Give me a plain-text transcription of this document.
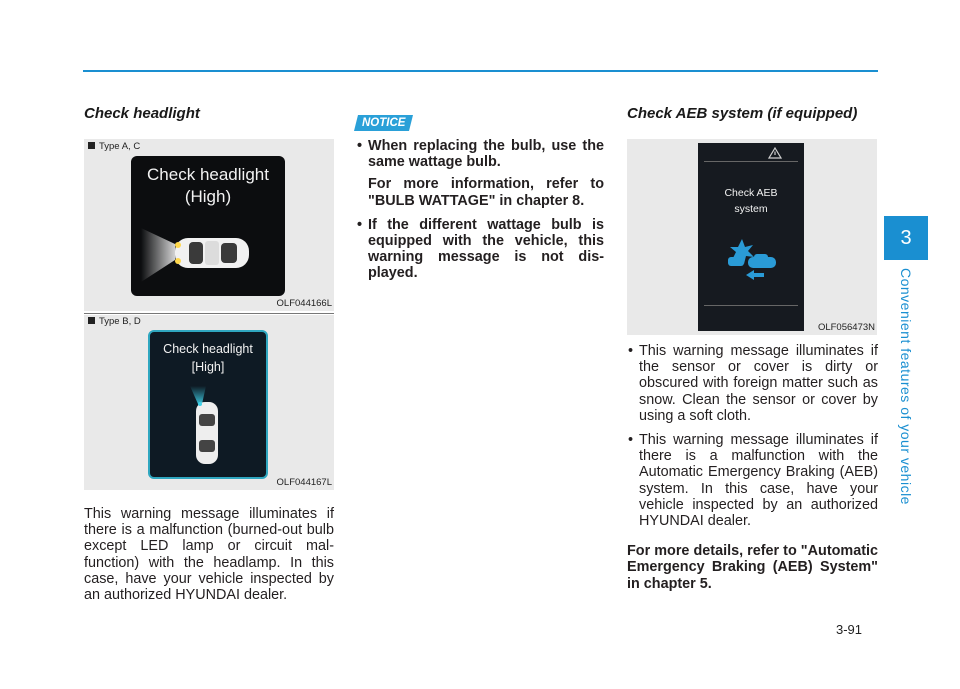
Check headlight
Type A, C
Check headlight
(High)
OLF044166L
Type B, D
Check headlight
[High]
OLF044167L

This warning message illuminates if there is a malfunction (burned-out bulb except LED lamp or circuit mal-function) with the headlamp. In this case, have your vehicle inspected by an authorized HYUNDAI dealer.

NOTICE
• When replacing the bulb, use the same wattage bulb.
For more information, refer to "BULB WATTAGE" in chapter 8.
• If the different wattage bulb is equipped with the vehicle, this warning message is not dis-played.
Check AEB system (if equipped)
Check AEB
system
OLF056473N
• This warning message illuminates if the sensor or cover is dirty or obscured with foreign matter such as snow. Clean the sensor or cover by using a soft cloth.
• This warning message illuminates if there is a malfunction with the Automatic Emergency Braking (AEB) system. In this case, have your vehicle inspected by an authorized HYUNDAI dealer.

For more details, refer to "Automatic Emergency Braking (AEB) System" in chapter 5.

3
Convenient features of your vehicle
3-91
